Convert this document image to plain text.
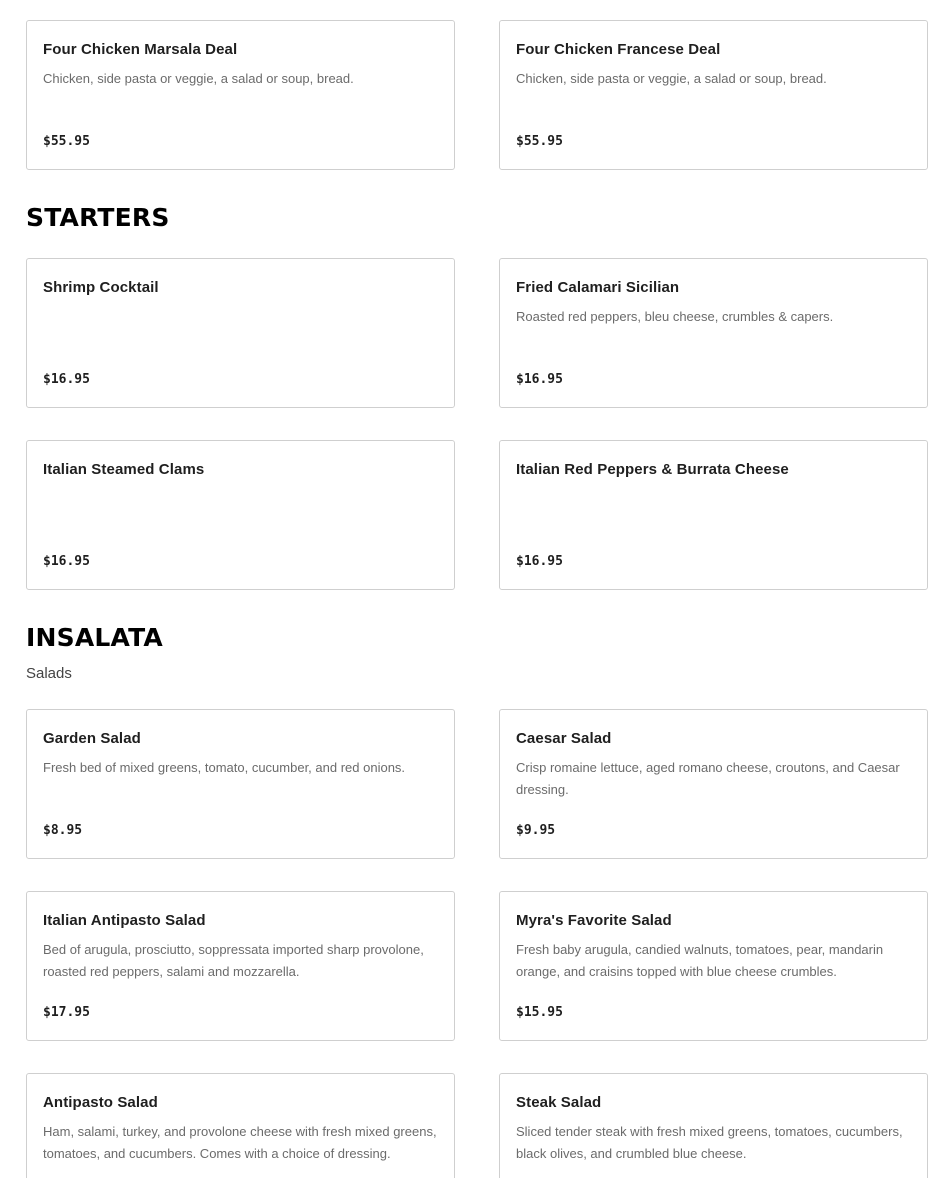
Four Chicken Marsala Deal
Chicken, side pasta or veggie, a salad or soup, bread.
$55.95
Four Chicken Francese Deal
Chicken, side pasta or veggie, a salad or soup, bread.
$55.95
STARTERS
Shrimp Cocktail
$16.95
Fried Calamari Sicilian
Roasted red peppers, bleu cheese, crumbles & capers.
$16.95
Italian Steamed Clams
$16.95
Italian Red Peppers & Burrata Cheese
$16.95
INSALATA
Salads
Garden Salad
Fresh bed of mixed greens, tomato, cucumber, and red onions.
$8.95
Caesar Salad
Crisp romaine lettuce, aged romano cheese, croutons, and Caesar dressing.
$9.95
Italian Antipasto Salad
Bed of arugula, prosciutto, soppressata imported sharp provolone, roasted red peppers, salami and mozzarella.
$17.95
Myra's Favorite Salad
Fresh baby arugula, candied walnuts, tomatoes, pear, mandarin orange, and craisins topped with blue cheese crumbles.
$15.95
Antipasto Salad
Ham, salami, turkey, and provolone cheese with fresh mixed greens, tomatoes, and cucumbers. Comes with a choice of dressing.
Steak Salad
Sliced tender steak with fresh mixed greens, tomatoes, cucumbers, black olives, and crumbled blue cheese.
